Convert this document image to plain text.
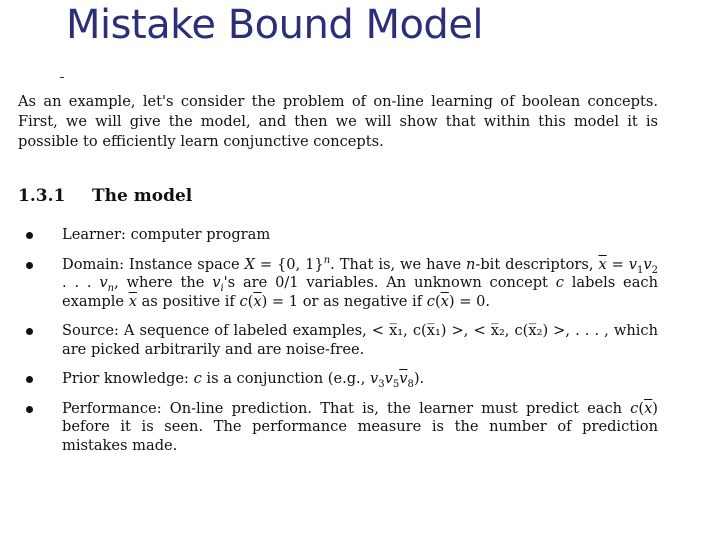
Mistake Bound Model

As an example, let's consider the problem of on-line learning of boolean concepts. First, we will give the model, and then we will show that within this model it is possible to efficiently learn conjunctive concepts.

1.3.1 The model
Learner: computer program
Domain: Instance space X = {0, 1}$^n$. That is, we have n-bit descriptors, $\overline{x} = v_1v_2$ . . . $v_n$, where the $v_i's$ are 0/1 variables. An unknown concept c labels each example $\overline{x}$ as positive if $c(\overline{x}) = 1$ or as negative if $c(\overline{x}) = 0$.
Source: A sequence of labeled examples, < x̅₁, c(x̅₁) >, < x̅₂, c(x̅₂) >, . . . , which are picked arbitrarily and are noise-free.
Prior knowledge: c is a conjunction (e.g., $v_3v_5\overline{v}_8$).
Performance: On-line prediction. That is, the learner must predict each $c(\overline{x})$ before it is seen. The performance measure is the number of prediction mistakes made.
